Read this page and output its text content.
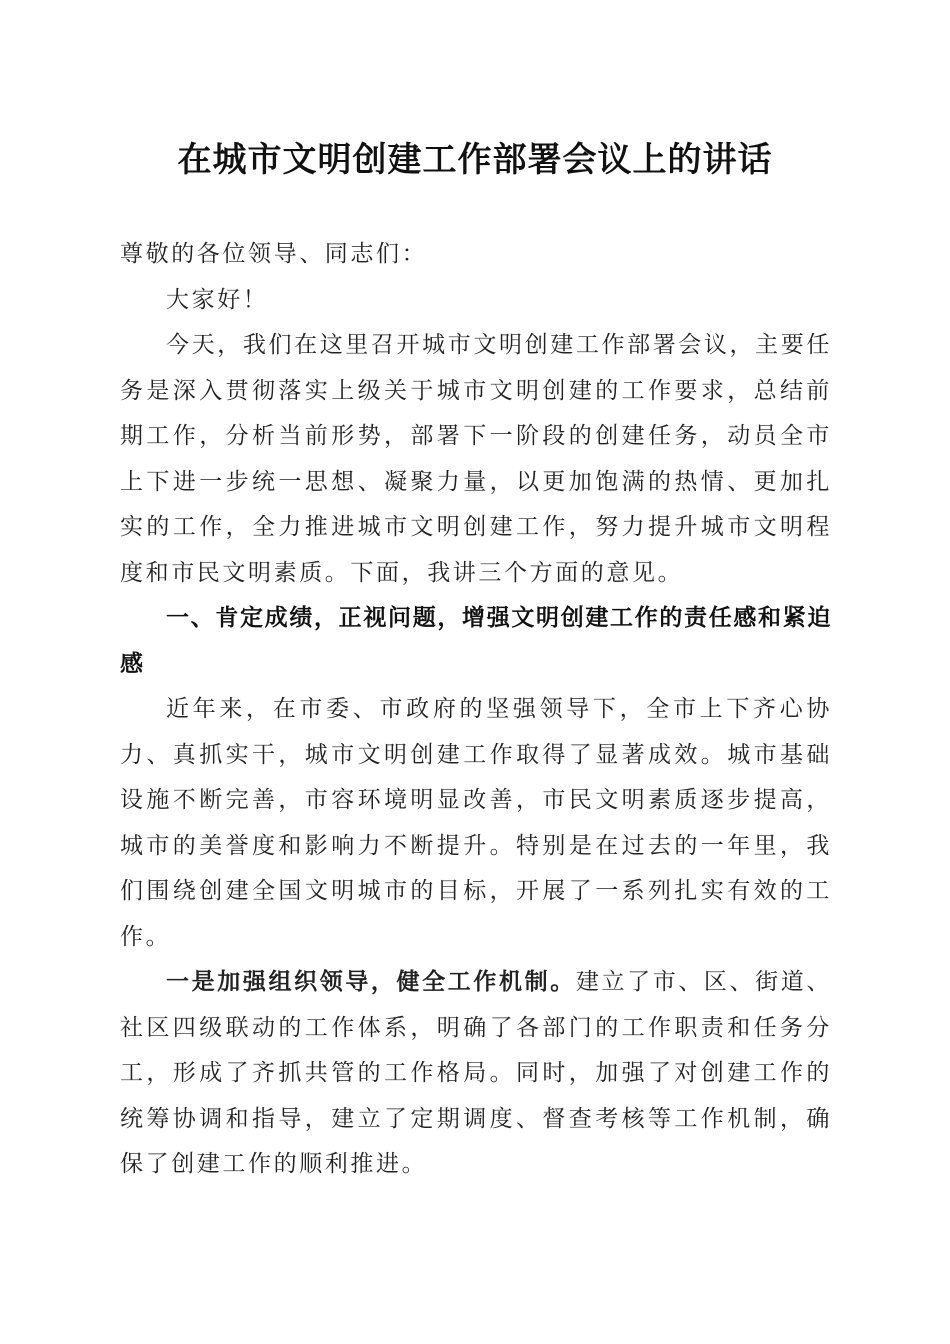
在城市文明创建工作部署会议上的讲话

尊敬的各位领导、同志们：

大家好！

今天，我们在这里召开城市文明创建工作部署会议，主要任务是深入贯彻落实上级关于城市文明创建的工作要求，总结前期工作，分析当前形势，部署下一阶段的创建任务，动员全市上下进一步统一思想、凝聚力量，以更加饱满的热情、更加扎实的工作，全力推进城市文明创建工作，努力提升城市文明程度和市民文明素质。下面，我讲三个方面的意见。

一、肯定成绩，正视问题，增强文明创建工作的责任感和紧迫感

近年来，在市委、市政府的坚强领导下，全市上下齐心协力、真抓实干，城市文明创建工作取得了显著成效。城市基础设施不断完善，市容环境明显改善，市民文明素质逐步提高，城市的美誉度和影响力不断提升。特别是在过去的一年里，我们围绕创建全国文明城市的目标，开展了一系列扎实有效的工作。

一是加强组织领导，健全工作机制。建立了市、区、街道、社区四级联动的工作体系，明确了各部门的工作职责和任务分工，形成了齐抓共管的工作格局。同时，加强了对创建工作的统筹协调和指导，建立了定期调度、督查考核等工作机制，确保了创建工作的顺利推进。
